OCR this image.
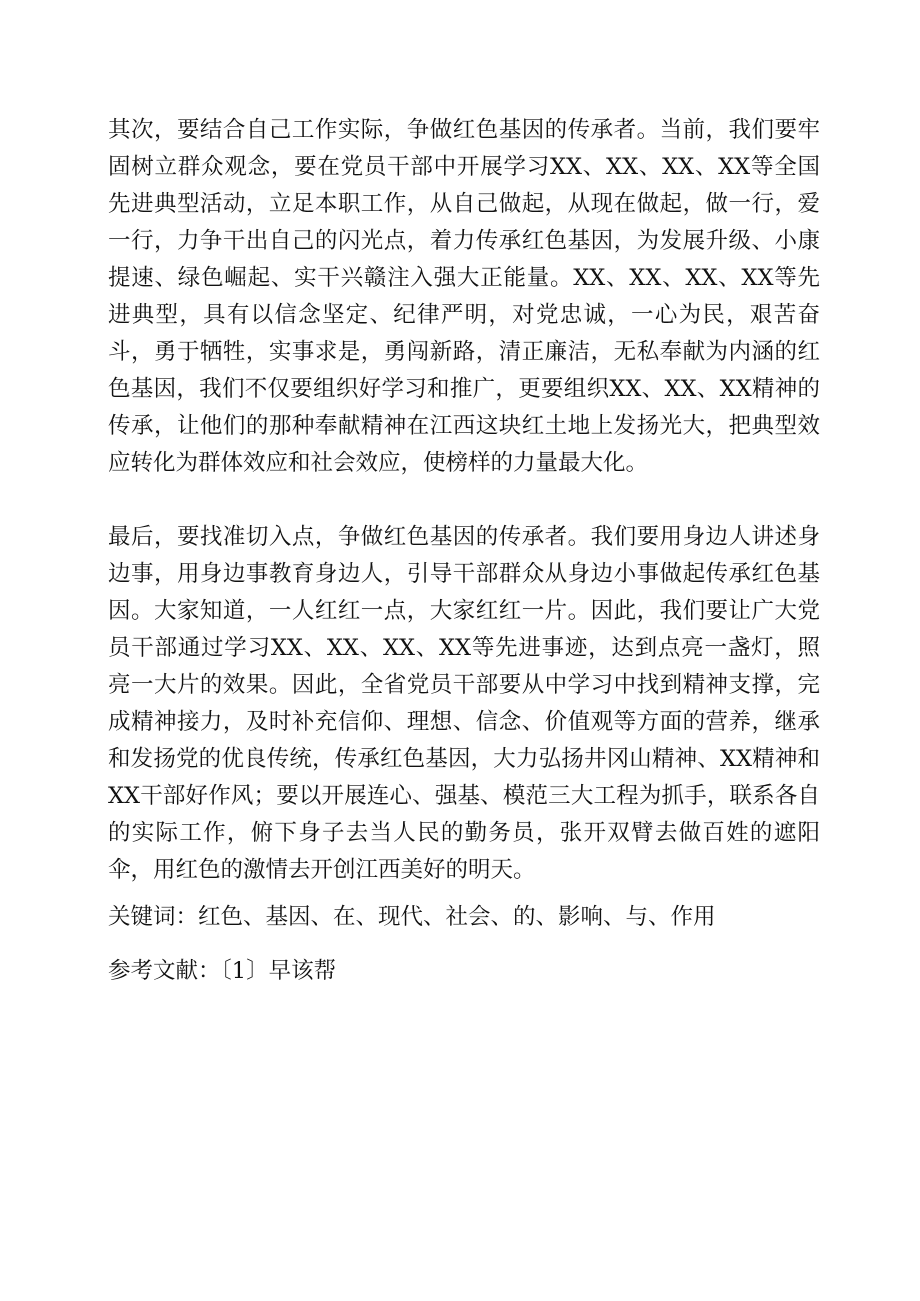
其次，要结合自己工作实际，争做红色基因的传承者。当前，我们要牢固树立群众观念，要在党员干部中开展学习XX、XX、XX、XX等全国先进典型活动，立足本职工作，从自己做起，从现在做起，做一行，爱一行，力争干出自己的闪光点，着力传承红色基因，为发展升级、小康提速、绿色崛起、实干兴赣注入强大正能量。XX、XX、XX、XX等先进典型，具有以信念坚定、纪律严明，对党忠诚，一心为民，艰苦奋斗，勇于牺牲，实事求是，勇闯新路，清正廉洁，无私奉献为内涵的红色基因，我们不仅要组织好学习和推广，更要组织XX、XX、XX精神的传承，让他们的那种奉献精神在江西这块红土地上发扬光大，把典型效应转化为群体效应和社会效应，使榜样的力量最大化。

最后，要找准切入点，争做红色基因的传承者。我们要用身边人讲述身边事，用身边事教育身边人，引导干部群众从身边小事做起传承红色基因。大家知道，一人红红一点，大家红红一片。因此，我们要让广大党员干部通过学习XX、XX、XX、XX等先进事迹，达到点亮一盏灯，照亮一大片的效果。因此，全省党员干部要从中学习中找到精神支撑，完成精神接力，及时补充信仰、理想、信念、价值观等方面的营养，继承和发扬党的优良传统，传承红色基因，大力弘扬井冈山精神、XX精神和XX干部好作风；要以开展连心、强基、模范三大工程为抓手，联系各自的实际工作，俯下身子去当人民的勤务员，张开双臂去做百姓的遮阳伞，用红色的激情去开创江西美好的明天。

关键词：红色、基因、在、现代、社会、的、影响、与、作用

参考文献：〔1〕早该帮
